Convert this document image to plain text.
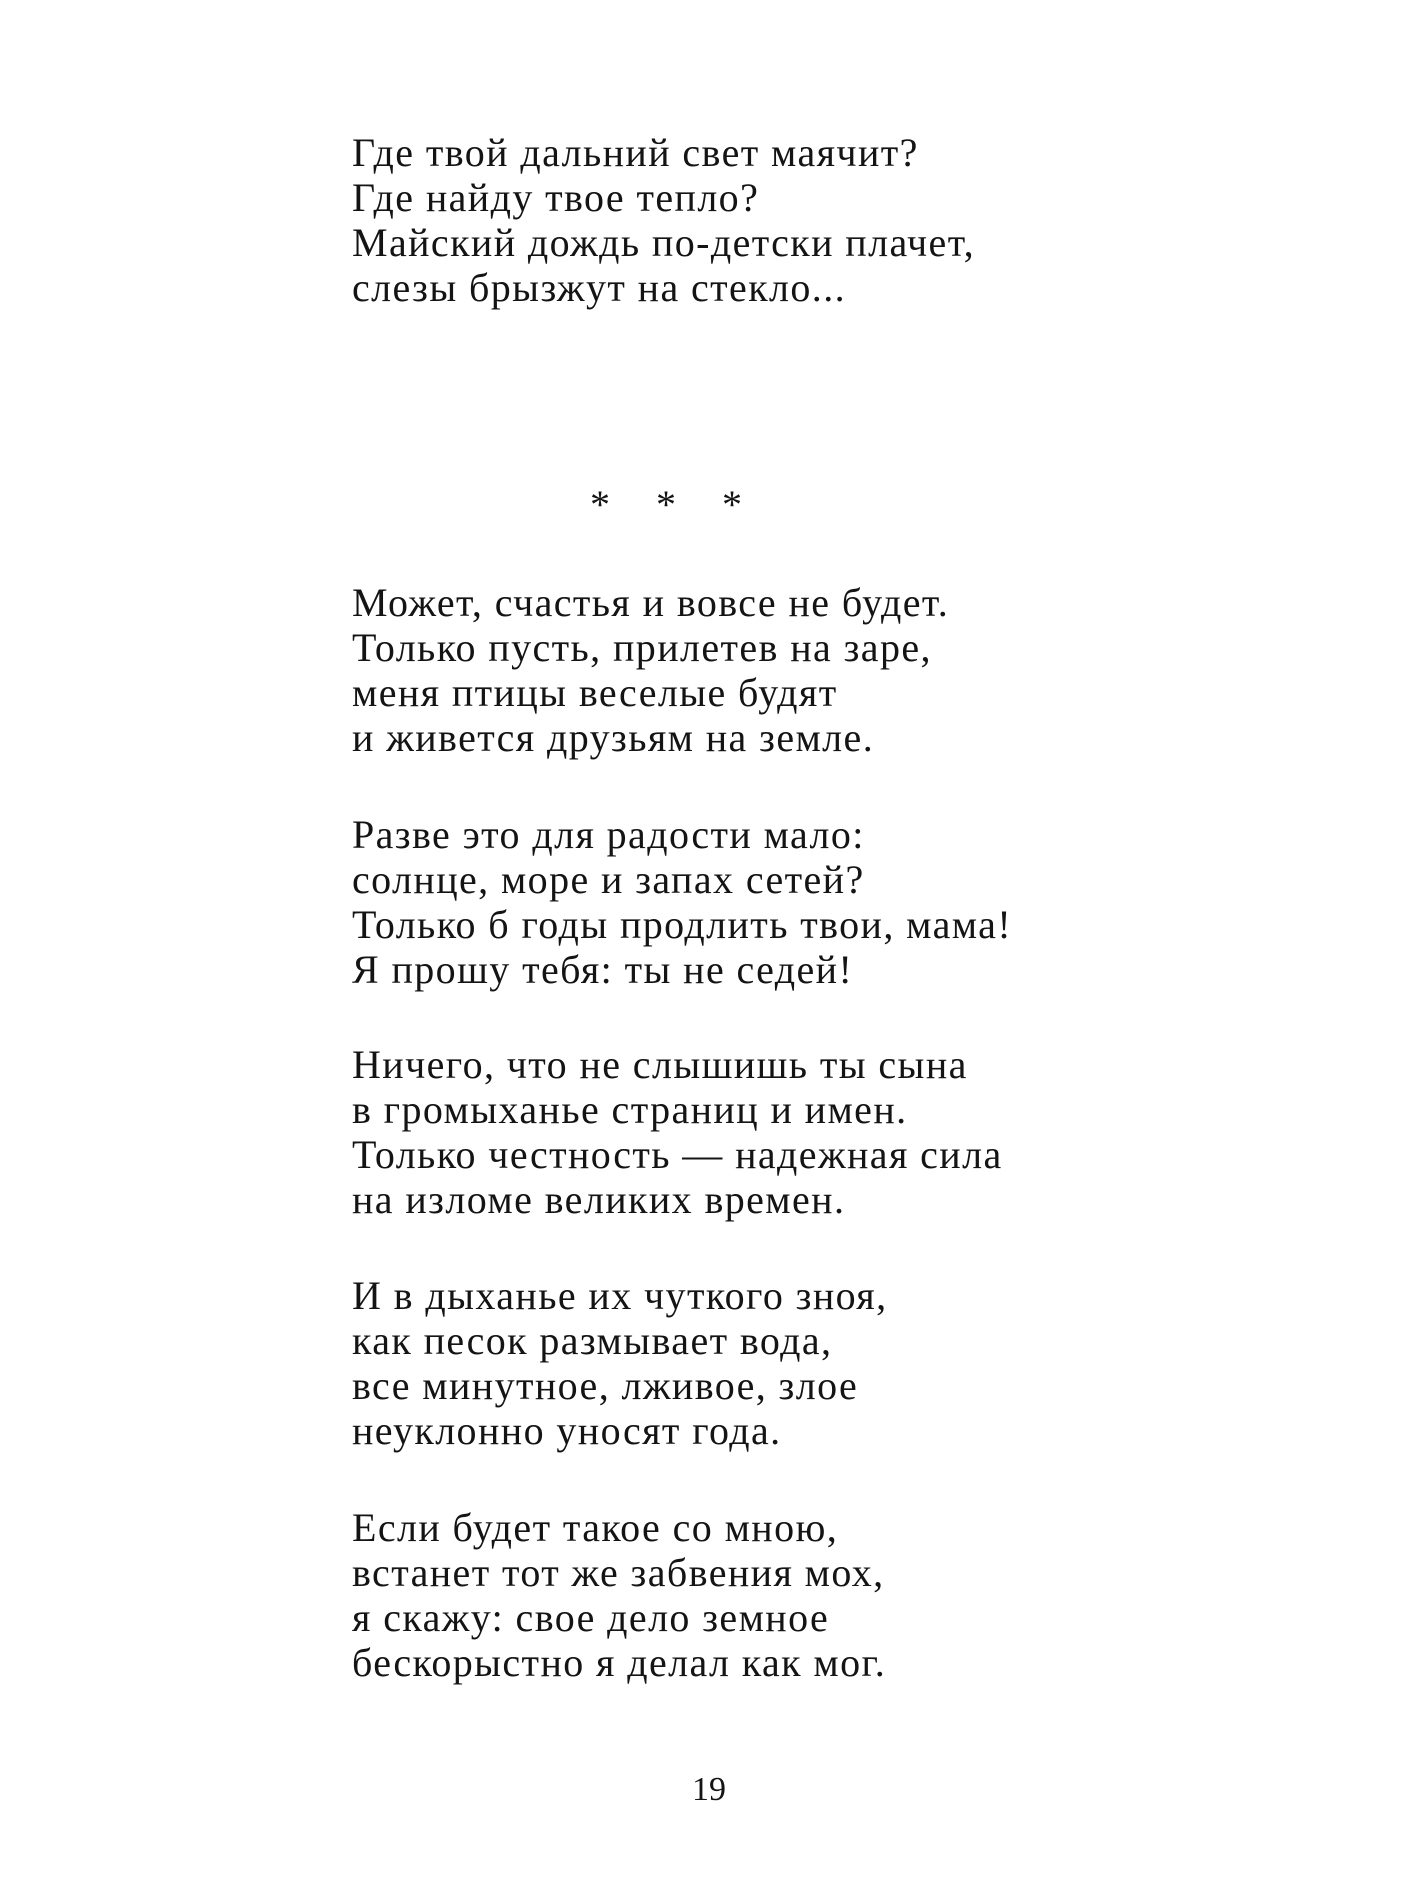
Где твой дальний свет маячит?
Где найду твое тепло?
Майский дождь по-детски плачет,
слезы брызжут на стекло...
* * *
Может, счастья и вовсе не будет.
Только пусть, прилетев на заре,
меня птицы веселые будят
и живется друзьям на земле.
Разве это для радости мало:
солнце, море и запах сетей?
Только б годы продлить твои, мама!
Я прошу тебя: ты не седей!
Ничего, что не слышишь ты сына
в громыханье страниц и имен.
Только честность — надежная сила
на изломе великих времен.
И в дыханье их чуткого зноя,
как песок размывает вода,
все минутное, лживое, злое
неуклонно уносят года.
Если будет такое со мною,
встанет тот же забвения мох,
я скажу: свое дело земное
бескорыстно я делал как мог.
19
